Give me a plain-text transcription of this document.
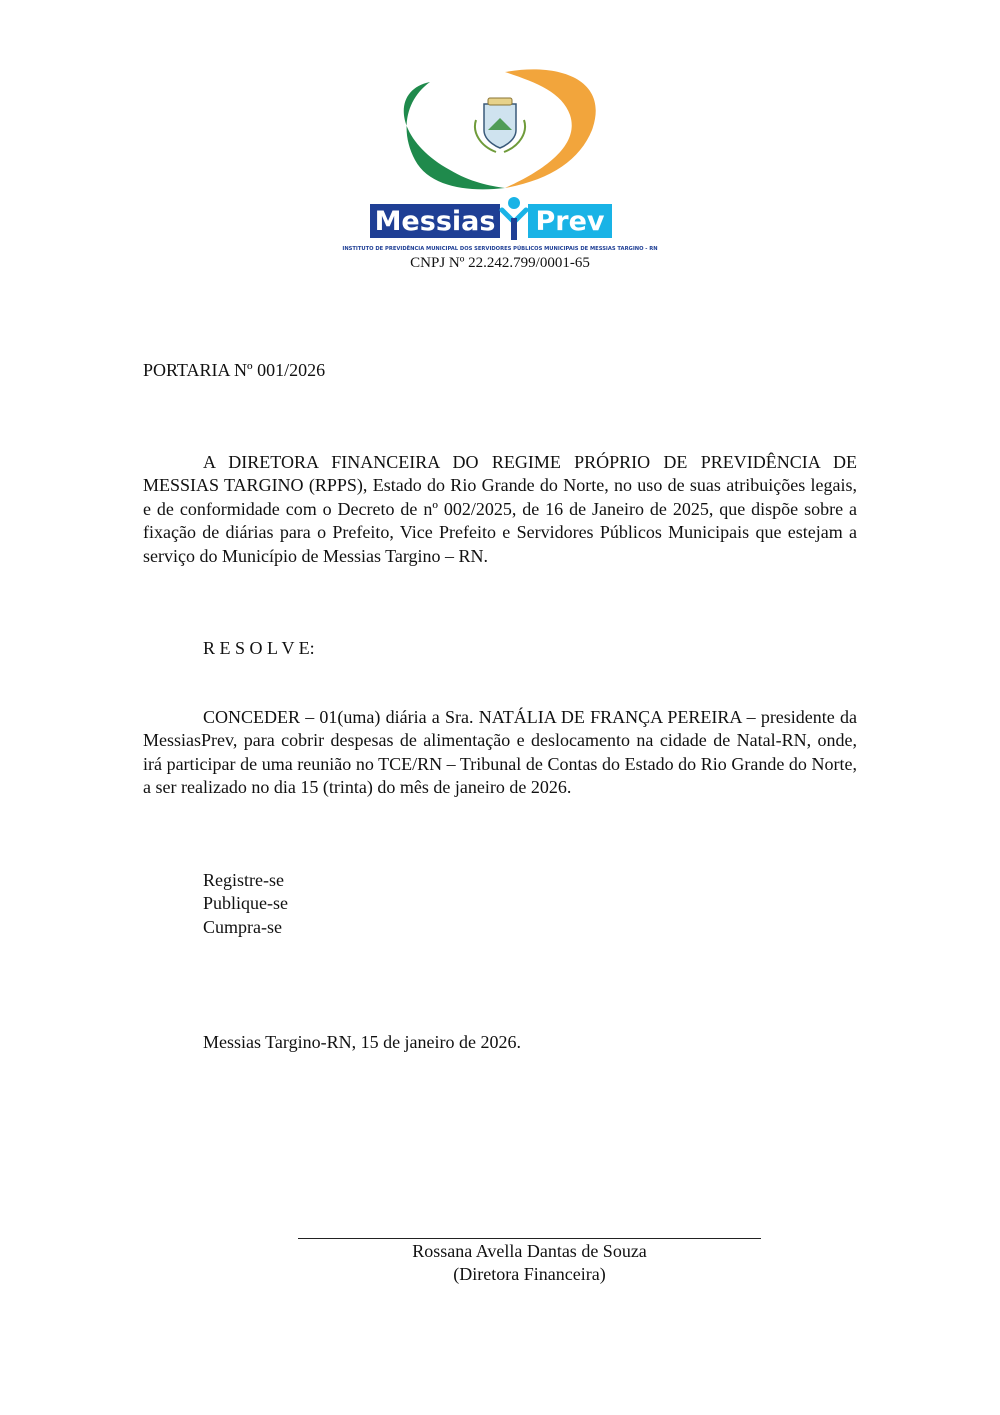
Messias Prev
INSTITUTO DE PREVIDÊNCIA MUNICIPAL DOS SERVIDORES PÚBLICOS MUNICIPAIS DE MESSIAS TARGINO - RN
CNPJ Nº 22.242.799/0001-65
PORTARIA Nº 001/2026
A DIRETORA FINANCEIRA DO REGIME PRÓPRIO DE PREVIDÊNCIA DE MESSIAS TARGINO (RPPS), Estado do Rio Grande do Norte, no uso de suas atribuições legais, e de conformidade com o Decreto de nº 002/2025, de 16 de Janeiro de 2025, que dispõe sobre a fixação de diárias para o Prefeito, Vice Prefeito e Servidores Públicos Municipais que estejam a serviço do Município de Messias Targino – RN.
R E S O L V E:
CONCEDER – 01(uma) diária a Sra. NATÁLIA DE FRANÇA PEREIRA – presidente da MessiasPrev, para cobrir despesas de alimentação e deslocamento na cidade de Natal-RN, onde, irá participar de uma reunião no TCE/RN – Tribunal de Contas do Estado do Rio Grande do Norte, a ser realizado no dia 15 (trinta) do mês de janeiro de 2026.
Registre-se
Publique-se
Cumpra-se
Messias Targino-RN, 15 de janeiro de 2026.
Rossana Avella Dantas de Souza
(Diretora Financeira)
